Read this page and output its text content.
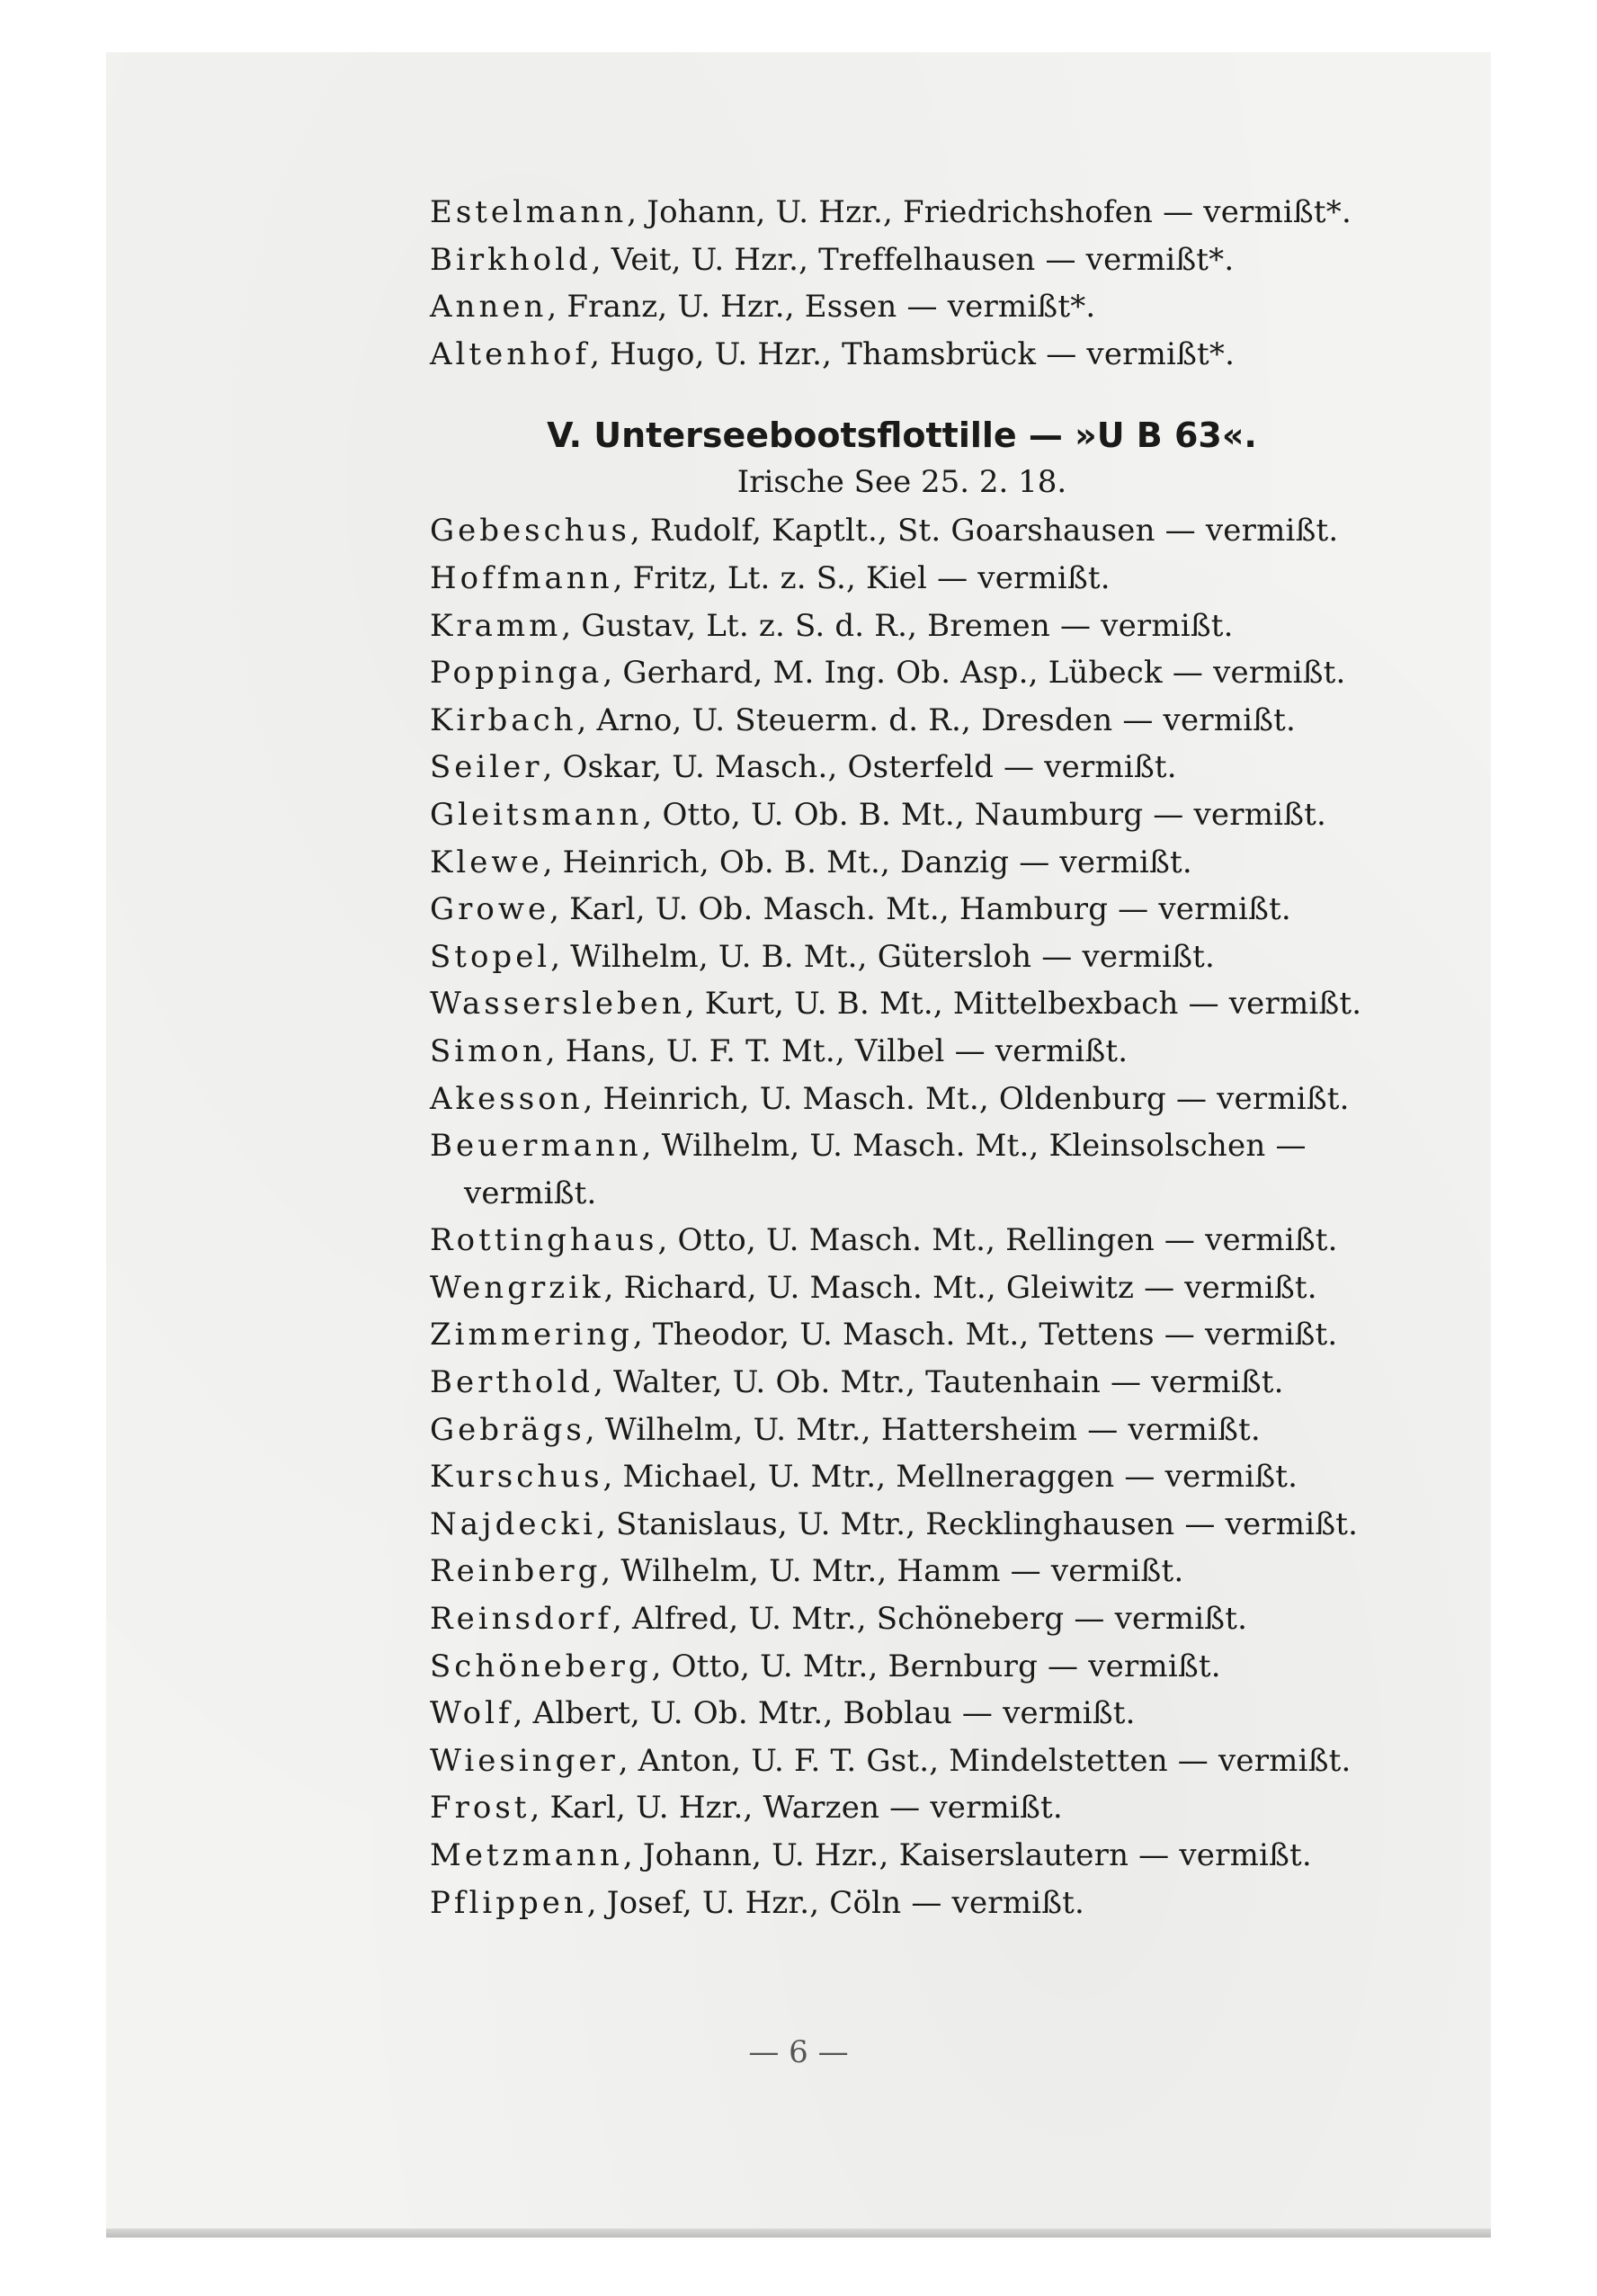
Estelmann, Johann, U. Hzr., Friedrichshofen — vermißt*.
Birkhold, Veit, U. Hzr., Treffelhausen — vermißt*.
Annen, Franz, U. Hzr., Essen — vermißt*.
Altenhof, Hugo, U. Hzr., Thamsbrück — vermißt*.
V. Unterseebootsflottille — »U B 63«.
Irische See 25. 2. 18.
Gebeschus, Rudolf, Kaptlt., St. Goarshausen — vermißt.
Hoffmann, Fritz, Lt. z. S., Kiel — vermißt.
Kramm, Gustav, Lt. z. S. d. R., Bremen — vermißt.
Poppinga, Gerhard, M. Ing. Ob. Asp., Lübeck — vermißt.
Kirbach, Arno, U. Steuerm. d. R., Dresden — vermißt.
Seiler, Oskar, U. Masch., Osterfeld — vermißt.
Gleitsmann, Otto, U. Ob. B. Mt., Naumburg — vermißt.
Klewe, Heinrich, Ob. B. Mt., Danzig — vermißt.
Growe, Karl, U. Ob. Masch. Mt., Hamburg — vermißt.
Stopel, Wilhelm, U. B. Mt., Gütersloh — vermißt.
Wassersleben, Kurt, U. B. Mt., Mittelbexbach — vermißt.
Simon, Hans, U. F. T. Mt., Vilbel — vermißt.
Akesson, Heinrich, U. Masch. Mt., Oldenburg — vermißt.
Beuermann, Wilhelm, U. Masch. Mt., Kleinsolschen —
vermißt.
Rottinghaus, Otto, U. Masch. Mt., Rellingen — vermißt.
Wengrzik, Richard, U. Masch. Mt., Gleiwitz — vermißt.
Zimmering, Theodor, U. Masch. Mt., Tettens — vermißt.
Berthold, Walter, U. Ob. Mtr., Tautenhain — vermißt.
Gebrägs, Wilhelm, U. Mtr., Hattersheim — vermißt.
Kurschus, Michael, U. Mtr., Mellneraggen — vermißt.
Najdecki, Stanislaus, U. Mtr., Recklinghausen — vermißt.
Reinberg, Wilhelm, U. Mtr., Hamm — vermißt.
Reinsdorf, Alfred, U. Mtr., Schöneberg — vermißt.
Schöneberg, Otto, U. Mtr., Bernburg — vermißt.
Wolf, Albert, U. Ob. Mtr., Boblau — vermißt.
Wiesinger, Anton, U. F. T. Gst., Mindelstetten — vermißt.
Frost, Karl, U. Hzr., Warzen — vermißt.
Metzmann, Johann, U. Hzr., Kaiserslautern — vermißt.
Pflippen, Josef, U. Hzr., Cöln — vermißt.
— 6 —
